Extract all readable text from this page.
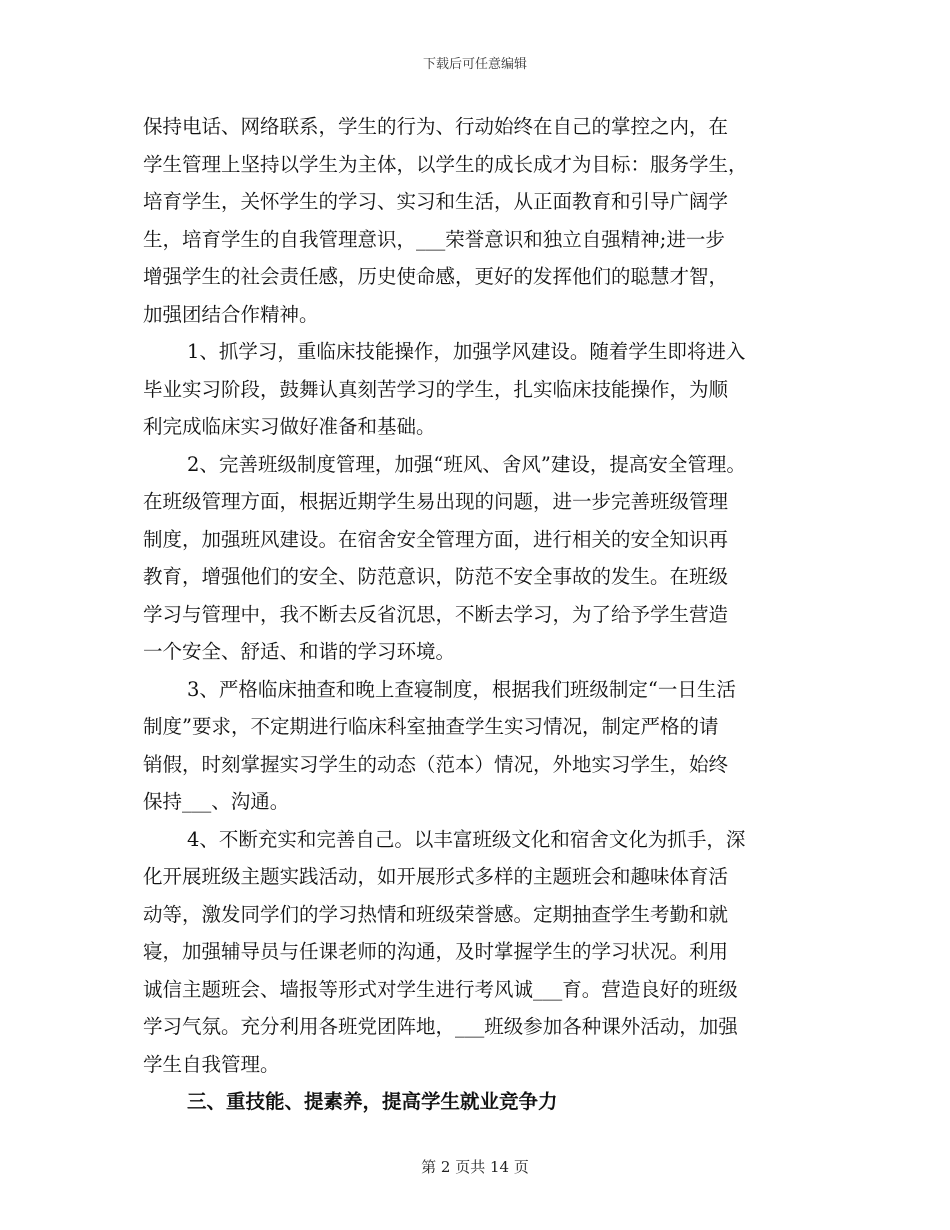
下载后可任意编辑
保持电话、网络联系，学生的行为、行动始终在自己的掌控之内，在
学生管理上坚持以学生为主体，以学生的成长成才为目标：服务学生，
培育学生，关怀学生的学习、实习和生活，从正面教育和引导广阔学
生，培育学生的自我管理意识，___荣誉意识和独立自强精神;进一步
增强学生的社会责任感，历史使命感，更好的发挥他们的聪慧才智，
加强团结合作精神。
1、抓学习，重临床技能操作，加强学风建设。随着学生即将进入
毕业实习阶段，鼓舞认真刻苦学习的学生，扎实临床技能操作，为顺
利完成临床实习做好准备和基础。
2、完善班级制度管理，加强“班风、舍风”建设，提高安全管理。
在班级管理方面，根据近期学生易出现的问题，进一步完善班级管理
制度，加强班风建设。在宿舍安全管理方面，进行相关的安全知识再
教育，增强他们的安全、防范意识，防范不安全事故的发生。在班级
学习与管理中，我不断去反省沉思，不断去学习，为了给予学生营造
一个安全、舒适、和谐的学习环境。
3、严格临床抽查和晚上查寝制度，根据我们班级制定“一日生活
制度”要求，不定期进行临床科室抽查学生实习情况，制定严格的请
销假，时刻掌握实习学生的动态（范本）情况，外地实习学生，始终
保持___、沟通。
4、不断充实和完善自己。以丰富班级文化和宿舍文化为抓手，深
化开展班级主题实践活动，如开展形式多样的主题班会和趣味体育活
动等，激发同学们的学习热情和班级荣誉感。定期抽查学生考勤和就
寝，加强辅导员与任课老师的沟通，及时掌握学生的学习状况。利用
诚信主题班会、墙报等形式对学生进行考风诚___育。营造良好的班级
学习气氛。充分利用各班党团阵地，___班级参加各种课外活动，加强
学生自我管理。
三、重技能、提素养，提高学生就业竞争力
第 2 页共 14 页
